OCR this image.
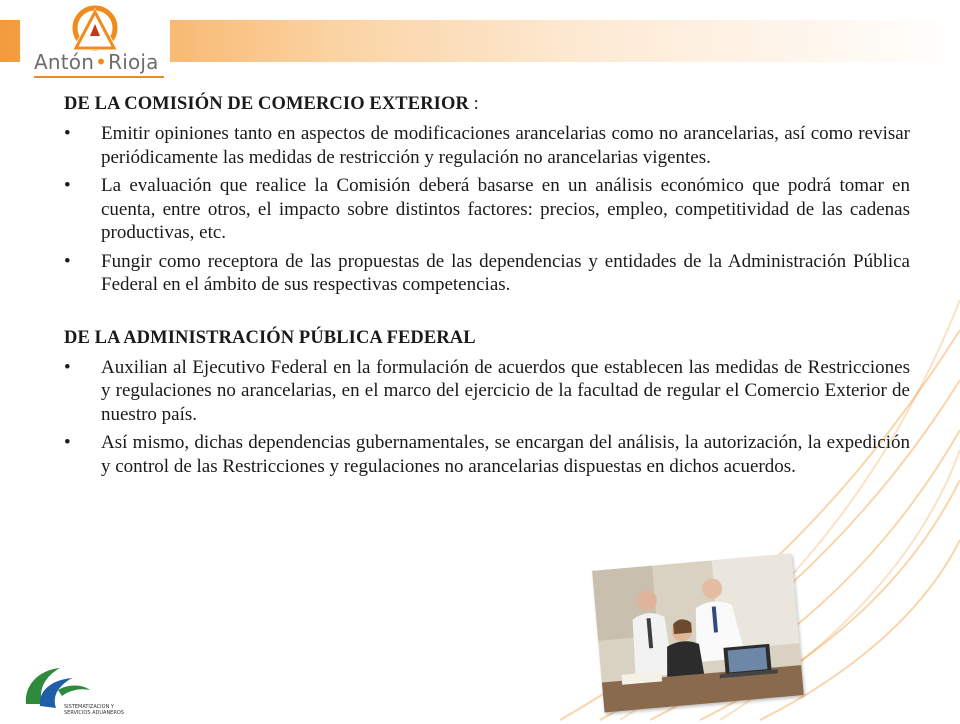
Antón•Rioja
DE LA COMISIÓN DE COMERCIO EXTERIOR :
•	Emitir opiniones tanto en aspectos de modificaciones arancelarias como no arancelarias, así como revisar periódicamente las medidas de restricción y regulación no arancelarias vigentes.
•	La evaluación que realice la Comisión deberá basarse en un análisis económico que podrá tomar en cuenta, entre otros, el impacto sobre distintos factores: precios, empleo, competitividad de las cadenas productivas, etc.
•	Fungir como receptora de las propuestas de las dependencias y entidades de la Administración Pública Federal en el ámbito de sus respectivas competencias.
DE LA ADMINISTRACIÓN PÚBLICA FEDERAL
•	Auxilian al Ejecutivo Federal en la formulación de acuerdos que establecen las medidas de Restricciones y regulaciones no arancelarias, en el marco del ejercicio de la facultad de regular el Comercio Exterior de nuestro país.
•	Así mismo, dichas dependencias gubernamentales, se encargan del análisis, la autorización, la expedición y control de las Restricciones y regulaciones no arancelarias dispuestas en dichos acuerdos.
SISTEMATIZACION Y
SERVICIOS ADUANEROS
